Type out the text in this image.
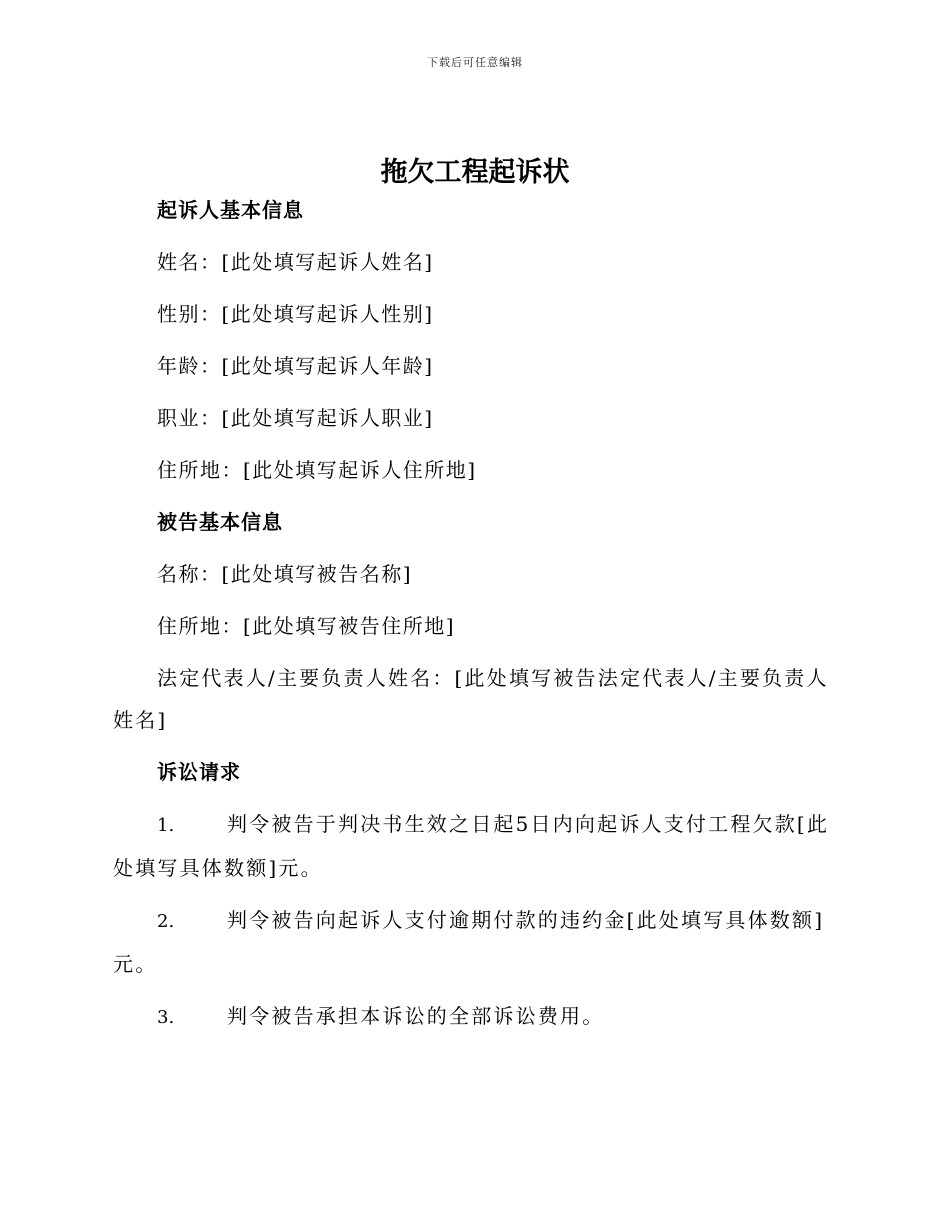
下载后可任意编辑
拖欠工程起诉状
起诉人基本信息
姓名：[此处填写起诉人姓名]
性别：[此处填写起诉人性别]
年龄：[此处填写起诉人年龄]
职业：[此处填写起诉人职业]
住所地：[此处填写起诉人住所地]
被告基本信息
名称：[此处填写被告名称]
住所地：[此处填写被告住所地]
法定代表人/主要负责人姓名：[此处填写被告法定代表人/主要负责人姓名]
诉讼请求
1.	判令被告于判决书生效之日起5日内向起诉人支付工程欠款[此处填写具体数额]元。
2.	判令被告向起诉人支付逾期付款的违约金[此处填写具体数额]元。
3.	判令被告承担本诉讼的全部诉讼费用。
